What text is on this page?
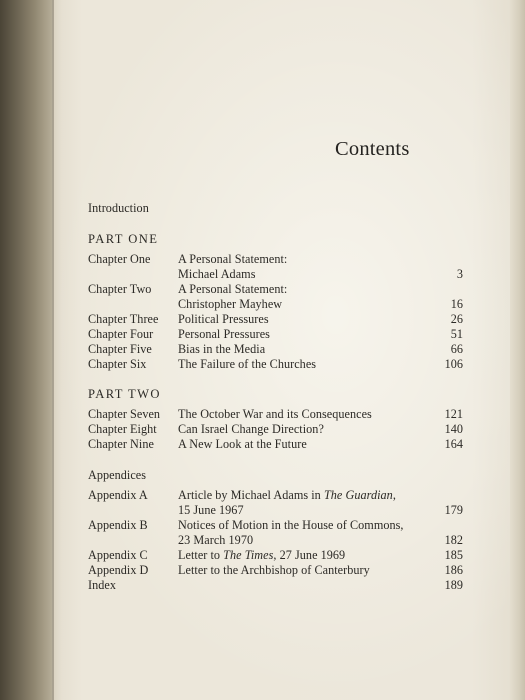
Contents
Introduction
PART ONE
Chapter One A Personal Statement:
Michael Adams	3
Chapter Two A Personal Statement:
Christopher Mayhew	16
Chapter Three Political Pressures	26
Chapter Four Personal Pressures	51
Chapter Five Bias in the Media	66
Chapter Six	The Failure of the Churches	106
PART TWO
Chapter Seven The October War and its Consequences	121
Chapter Eight Can Israel Change Direction?	140
Chapter Nine A New Look at the Future	164
Appendices
Appendix A Article by Michael Adams in The Guardian,
15 June 1967	179
Appendix B Notices of Motion in the House of Commons,
23 March 1970	182
Appendix C Letter to The Times, 27 June 1969	185
Appendix D Letter to the Archbishop of Canterbury	186
Index	189
